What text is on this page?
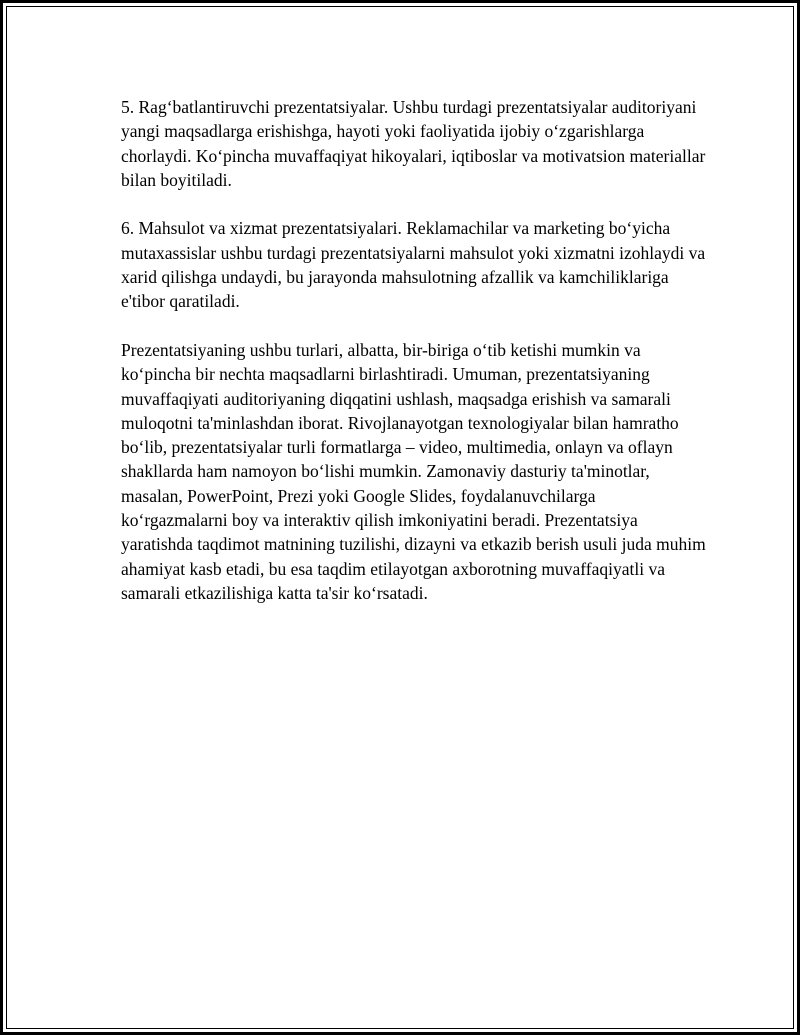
5. Rag‘batlantiruvchi prezentatsiyalar. Ushbu turdagi prezentatsiyalar auditoriyani yangi maqsadlarga erishishga, hayoti yoki faoliyatida ijobiy o‘zgarishlarga chorlaydi. Ko‘pincha muvaffaqiyat hikoyalari, iqtiboslar va motivatsion materiallar bilan boyitiladi.

6. Mahsulot va xizmat prezentatsiyalari. Reklamachilar va marketing bo‘yicha mutaxassislar ushbu turdagi prezentatsiyalarni mahsulot yoki xizmatni izohlaydi va xarid qilishga undaydi, bu jarayonda mahsulotning afzallik va kamchiliklariga e'tibor qaratiladi.

Prezentatsiyaning ushbu turlari, albatta, bir-biriga o‘tib ketishi mumkin va ko‘pincha bir nechta maqsadlarni birlashtiradi. Umuman, prezentatsiyaning muvaffaqiyati auditoriyaning diqqatini ushlash, maqsadga erishish va samarali muloqotni ta'minlashdan iborat. Rivojlanayotgan texnologiyalar bilan hamratho bo‘lib, prezentatsiyalar turli formatlarga – video, multimedia, onlayn va oflayn shakllarda ham namoyon bo‘lishi mumkin. Zamonaviy dasturiy ta'minotlar, masalan, PowerPoint, Prezi yoki Google Slides, foydalanuvchilarga ko‘rgazmalarni boy va interaktiv qilish imkoniyatini beradi. Prezentatsiya yaratishda taqdimot matnining tuzilishi, dizayni va etkazib berish usuli juda muhim ahamiyat kasb etadi, bu esa taqdim etilayotgan axborotning muvaffaqiyatli va samarali etkazilishiga katta ta'sir ko‘rsatadi.
